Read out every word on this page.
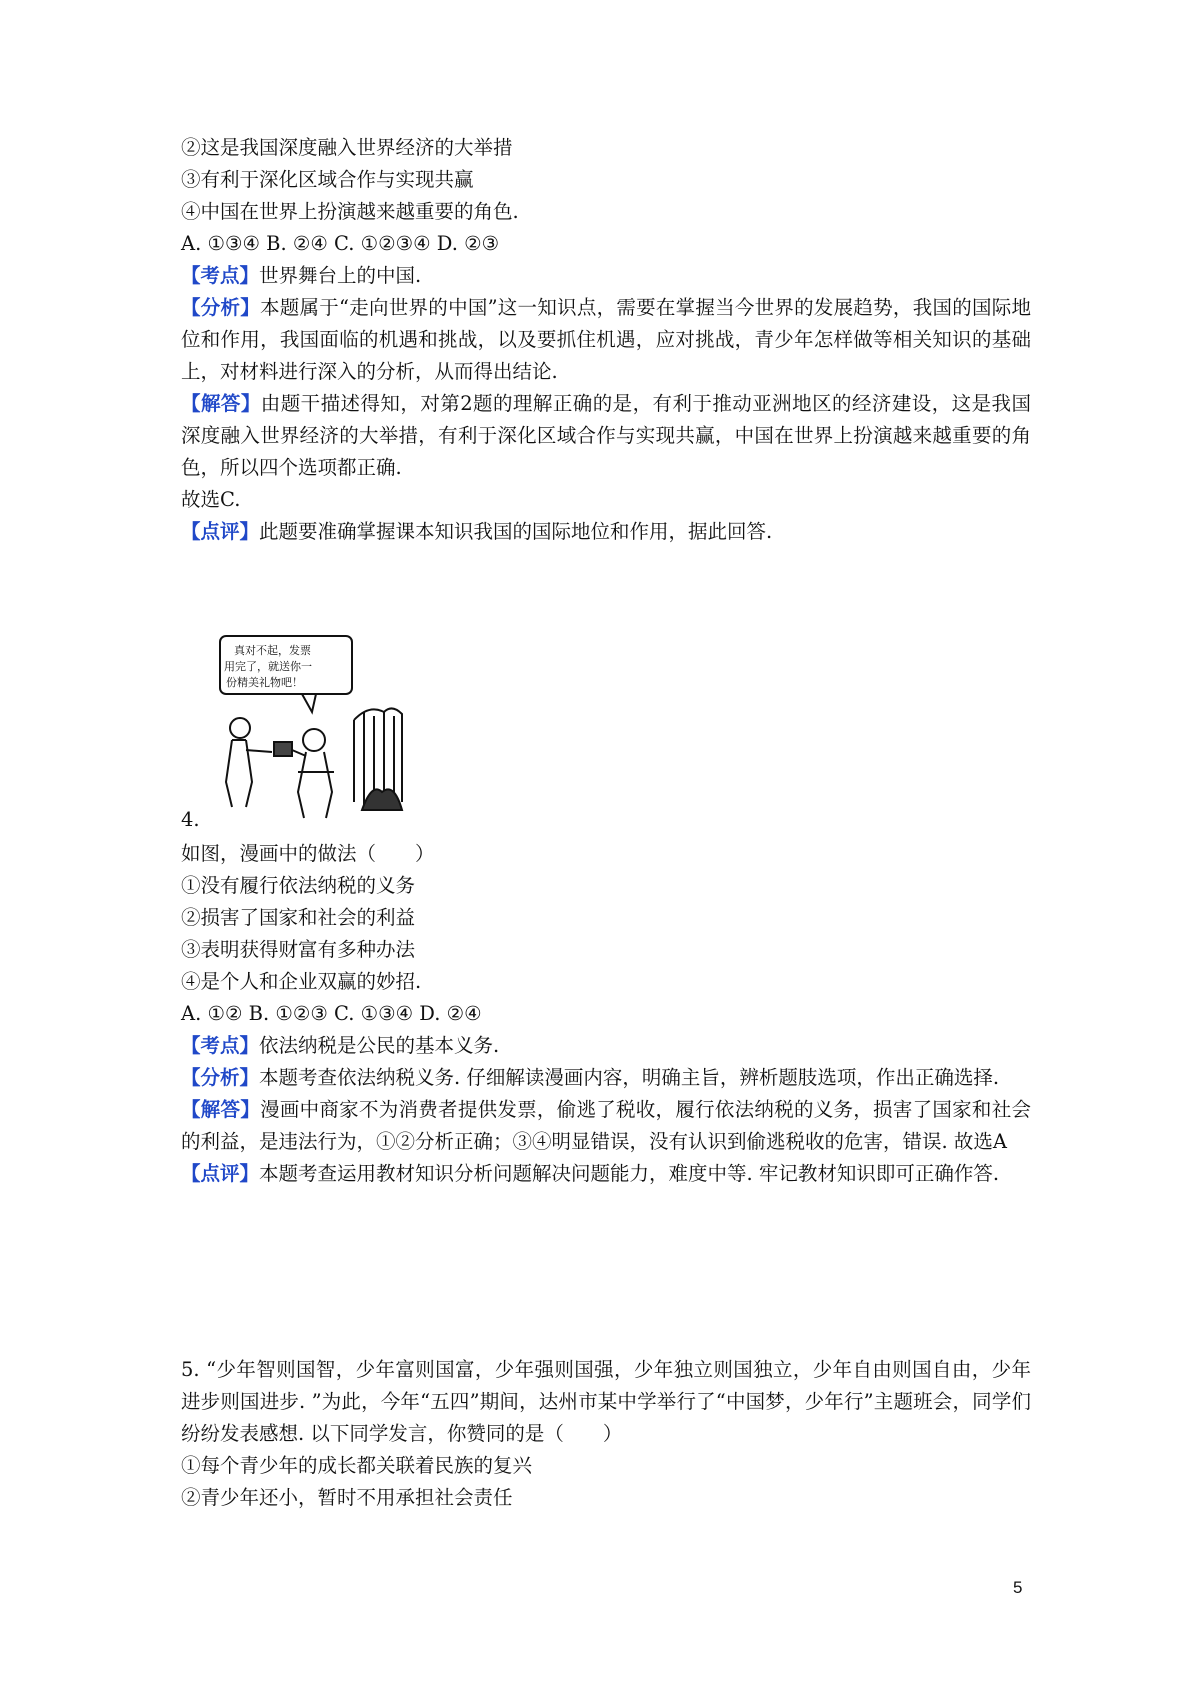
②这是我国深度融入世界经济的大举措
③有利于深化区域合作与实现共赢
④中国在世界上扮演越来越重要的角色.
A. ①③④ B. ②④ C. ①②③④ D. ②③
【考点】世界舞台上的中国.
【分析】本题属于“走向世界的中国”这一知识点，需要在掌握当今世界的发展趋势，我国的国际地位和作用，我国面临的机遇和挑战，以及要抓住机遇，应对挑战，青少年怎样做等相关知识的基础上，对材料进行深入的分析，从而得出结论.
【解答】由题干描述得知，对第2题的理解正确的是，有利于推动亚洲地区的经济建设，这是我国深度融入世界经济的大举措，有利于深化区域合作与实现共赢，中国在世界上扮演越来越重要的角色，所以四个选项都正确.
故选C.
【点评】此题要准确掌握课本知识我国的国际地位和作用，据此回答.
真对不起，发票
用完了，就送你一
份精美礼物吧！
4.
如图，漫画中的做法（　　）
①没有履行依法纳税的义务
②损害了国家和社会的利益
③表明获得财富有多种办法
④是个人和企业双赢的妙招.
A. ①② B. ①②③ C. ①③④ D. ②④
【考点】依法纳税是公民的基本义务.
【分析】本题考查依法纳税义务. 仔细解读漫画内容，明确主旨，辨析题肢选项，作出正确选择.
【解答】漫画中商家不为消费者提供发票，偷逃了税收，履行依法纳税的义务，损害了国家和社会的利益，是违法行为，①②分析正确；③④明显错误，没有认识到偷逃税收的危害，错误. 故选A
【点评】本题考查运用教材知识分析问题解决问题能力，难度中等. 牢记教材知识即可正确作答.
5. “少年智则国智，少年富则国富，少年强则国强，少年独立则国独立，少年自由则国自由，少年进步则国进步. ”为此，今年“五四”期间，达州市某中学举行了“中国梦，少年行”主题班会，同学们纷纷发表感想. 以下同学发言，你赞同的是（　　）
①每个青少年的成长都关联着民族的复兴
②青少年还小，暂时不用承担社会责任
5
